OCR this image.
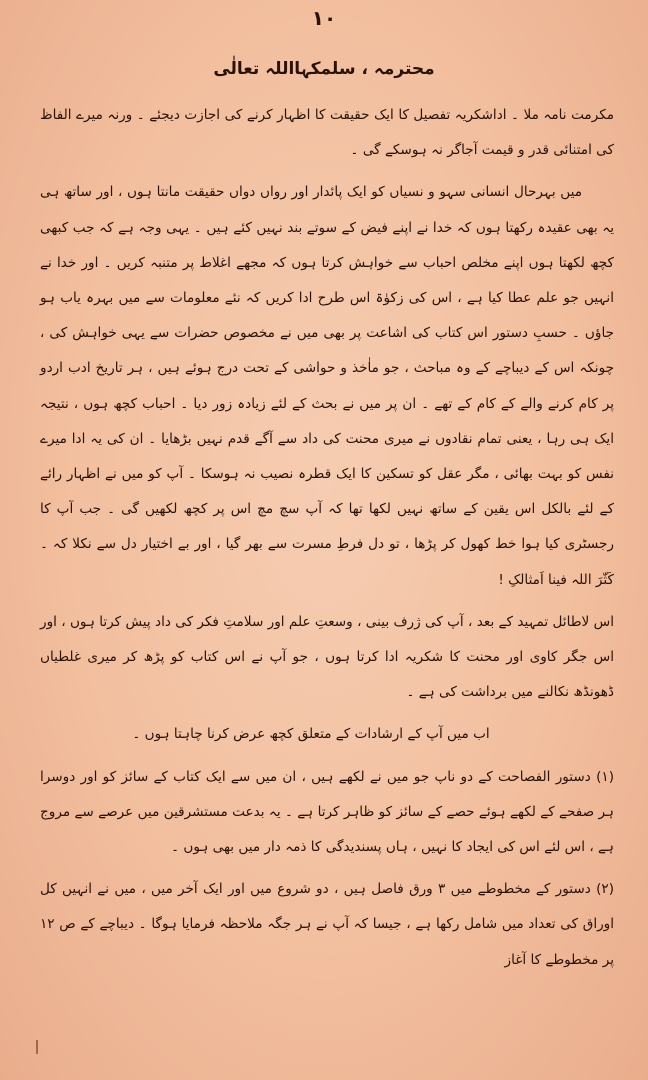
۱۰
محترمہ ، سلمکہااللہ تعالٰی

مکرمت نامہ ملا ۔ اداشکریہ تفصیل کا ایک حقیقت کا اظہار کرنے کی اجازت دیجئے ۔ ورنہ میرے الفاظ کی امتنائی قدر و قیمت آجاگر نہ ہوسکے گی ۔

میں بہرحال انسانی سہو و نسیاں کو ایک پائدار اور رواں دواں حقیقت مانتا ہوں ، اور ساتھ ہی یہ بھی عقیدہ رکھتا ہوں کہ خدا نے اپنے فیض کے سوتے بند نہیں کئے ہیں ۔ یہی وجہ ہے کہ جب کبھی کچھ لکھتا ہوں اپنے مخلص احباب سے خواہش کرتا ہوں کہ مجھے اغلاط پر متنبہ کریں ۔ اور خدا نے انہیں جو علم عطا کیا ہے ، اس کی زکوٰۃ اس طرح ادا کریں کہ نئے معلومات سے میں بہرہ یاب ہو جاؤں ۔ حسبِ دستور اس کتاب کی اشاعت پر بھی میں نے مخصوص حضرات سے یہی خواہش کی ، چونکہ اس کے دیباچے کے وہ مباحث ، جو ماٰخذ و حواشی کے تحت درج ہوئے ہیں ، ہر تاریخ ادب اردو پر کام کرنے والے کے کام کے تھے ۔ ان پر میں نے بحث کے لئے زیادہ زور دیا ۔ احباب کچھ ہوں ، نتیجہ ایک ہی رہا ، یعنی تمام نقادوں نے میری محنت کی داد سے آگے قدم نہیں بڑھایا ۔ ان کی یہ ادا میرے نفس کو بہت بھائی ، مگر عقل کو تسکین کا ایک قطرہ نصیب نہ ہوسکا ۔ آپ کو میں نے اظہار رائے کے لئے بالکل اس یقین کے ساتھ نہیں لکھا تھا کہ آپ سچ مچ اس پر کچھ لکھیں گی ۔ جب آپ کا رجسٹری کیا ہوا خط کھول کر پڑھا ، تو دل فرطِ مسرت سے بھر گیا ، اور بے اختیار دل سے نکلا کہ ۔ کَثّرَ اللہ فینا اَمثالکِ !

اس لاطائل تمہید کے بعد ، آپ کی ژرف بینی ، وسعتِ علم اور سلامتِ فکر کی داد پیش کرتا ہوں ، اور اس جگر کاوی اور محنت کا شکریہ ادا کرتا ہوں ، جو آپ نے اس کتاب کو پڑھ کر میری غلطیاں ڈھونڈھ نکالنے میں برداشت کی ہے ۔

اب میں آپ کے ارشادات کے متعلق کچھ عرض کرنا چاہتا ہوں ۔

(۱) دستور الفصاحت کے دو ناپ جو میں نے لکھے ہیں ، ان میں سے ایک کتاب کے سائز کو اور دوسرا ہر صفحے کے لکھے ہوئے حصے کے سائز کو ظاہر کرتا ہے ۔ یہ بدعت مستشرقین میں عرصے سے مروج ہے ، اس لئے اس کی ایجاد کا نہیں ، ہاں پسندیدگی کا ذمہ دار میں بھی ہوں ۔

(۲) دستور کے مخطوطے میں ۳ ورق فاصل ہیں ، دو شروع میں اور ایک آخر میں ، میں نے انہیں کل اوراق کی تعداد میں شامل رکھا ہے ، جیسا کہ آپ نے ہر جگہ ملاحظہ فرمایا ہوگا ۔ دیباچے کے ص ۱۲ پر مخطوطے کا آغاز
